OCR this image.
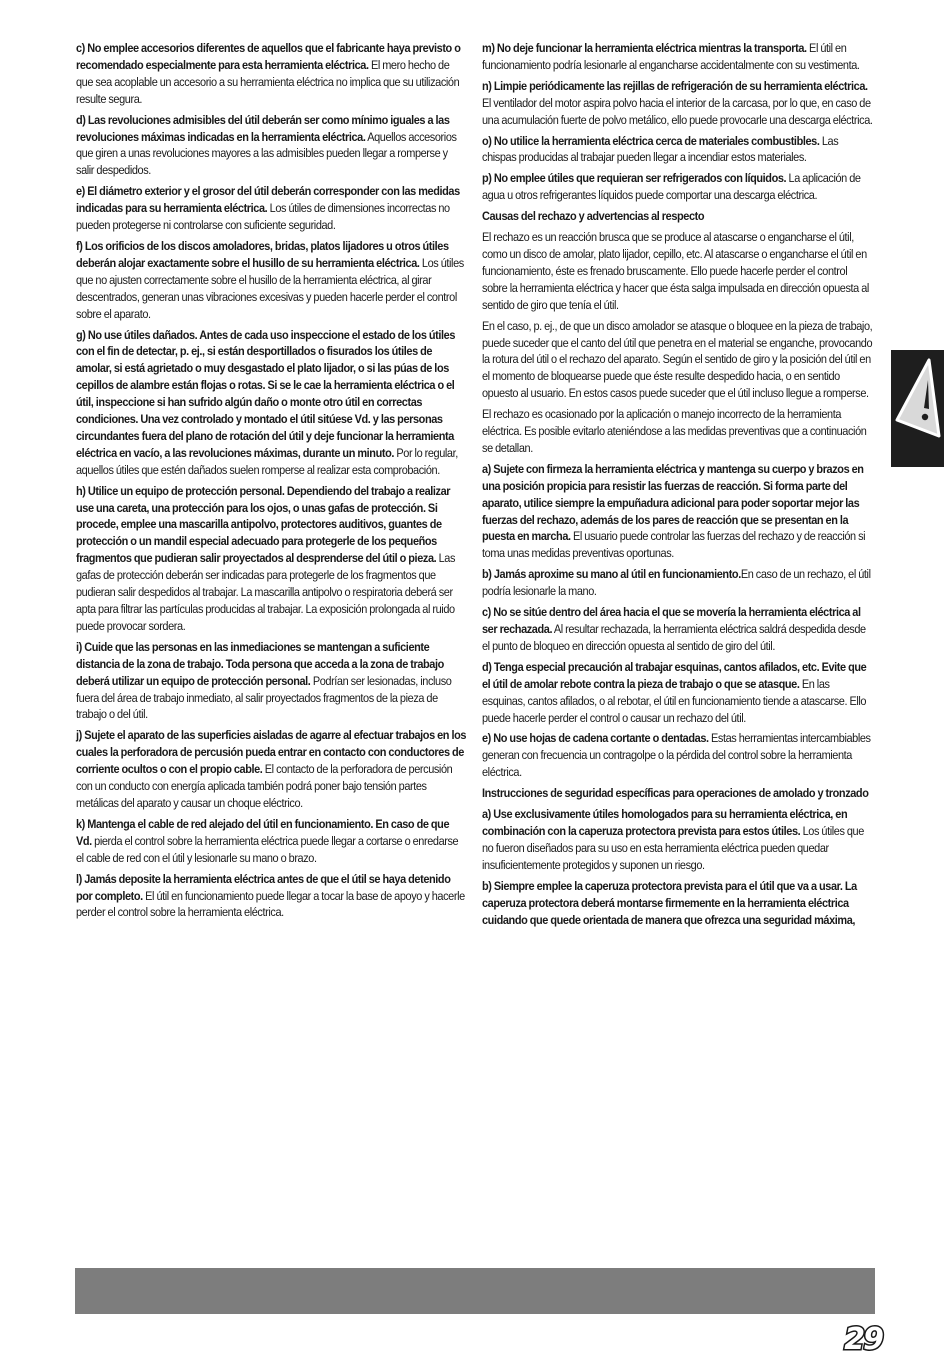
c) No emplee accesorios diferentes de aquellos que el fabricante haya previsto o recomendado especialmente para esta herramienta eléctrica. El mero hecho de que sea acoplable un accesorio a su herramienta eléctrica no implica que su utilización resulte segura.

d) Las revoluciones admisibles del útil deberán ser como mínimo iguales a las revoluciones máximas indicadas en la herramienta eléctrica. Aquellos accesorios que giren a unas revoluciones mayores a las admisibles pueden llegar a romperse y salir despedidos.

e) El diámetro exterior y el grosor del útil deberán corresponder con las medidas indicadas para su herramienta eléctrica. Los útiles de dimensiones incorrectas no pueden protegerse ni controlarse con suficiente seguridad.

f) Los orificios de los discos amoladores, bridas, platos lijadores u otros útiles deberán alojar exactamente sobre el husillo de su herramienta eléctrica. Los útiles que no ajusten correctamente sobre el husillo de la herramienta eléctrica, al girar descentrados, generan unas vibraciones excesivas y pueden hacerle perder el control sobre el aparato.

g) No use útiles dañados. Antes de cada uso inspeccione el estado de los útiles con el fin de detectar, p. ej., si están desportillados o fisurados los útiles de amolar, si está agrietado o muy desgastado el plato lijador, o si las púas de los cepillos de alambre están flojas o rotas. Si se le cae la herramienta eléctrica o el útil, inspeccione si han sufrido algún daño o monte otro útil en correctas condiciones. Una vez controlado y montado el útil sitúese Vd. y las personas circundantes fuera del plano de rotación del útil y deje funcionar la herramienta eléctrica en vacío, a las revoluciones máximas, durante un minuto. Por lo regular, aquellos útiles que estén dañados suelen romperse al realizar esta comprobación.

h) Utilice un equipo de protección personal. Dependiendo del trabajo a realizar use una careta, una protección para los ojos, o unas gafas de protección. Si procede, emplee una mascarilla antipolvo, protectores auditivos, guantes de protección o un mandil especial adecuado para protegerle de los pequeños fragmentos que pudieran salir proyectados al desprenderse del útil o pieza. Las gafas de protección deberán ser indicadas para protegerle de los fragmentos que pudieran salir despedidos al trabajar. La mascarilla antipolvo o respiratoria deberá ser apta para filtrar las partículas producidas al trabajar. La exposición prolongada al ruido puede provocar sordera.

i) Cuide que las personas en las inmediaciones se mantengan a suficiente distancia de la zona de trabajo. Toda persona que acceda a la zona de trabajo deberá utilizar un equipo de protección personal. Podrían ser lesionadas, incluso fuera del área de trabajo inmediato, al salir proyectados fragmentos de la pieza de trabajo o del útil.

j) Sujete el aparato de las superficies aisladas de agarre al efectuar trabajos en los cuales la perforadora de percusión pueda entrar en contacto con conductores de corriente ocultos o con el propio cable. El contacto de la perforadora de percusión con un conducto con energía aplicada también podrá poner bajo tensión partes metálicas del aparato y causar un choque eléctrico.

k) Mantenga el cable de red alejado del útil en funcionamiento. En caso de que Vd. pierda el control sobre la herramienta eléctrica puede llegar a cortarse o enredarse el cable de red con el útil y lesionarle su mano o brazo.

l) Jamás deposite la herramienta eléctrica antes de que el útil se haya detenido por completo. El útil en funcionamiento puede llegar a tocar la base de apoyo y hacerle perder el control sobre la herramienta eléctrica.

m) No deje funcionar la herramienta eléctrica mientras la transporta. El útil en funcionamiento podría lesionarle al engancharse accidentalmente con su vestimenta.

n) Limpie periódicamente las rejillas de refrigeración de su herramienta eléctrica. El ventilador del motor aspira polvo hacia el interior de la carcasa, por lo que, en caso de una acumulación fuerte de polvo metálico, ello puede provocarle una descarga eléctrica.

o) No utilice la herramienta eléctrica cerca de materiales combustibles. Las chispas producidas al trabajar pueden llegar a incendiar estos materiales.

p) No emplee útiles que requieran ser refrigerados con líquidos. La aplicación de agua u otros refrigerantes líquidos puede comportar una descarga eléctrica.

Causas del rechazo y advertencias al respecto

El rechazo es un reacción brusca que se produce al atascarse o engancharse el útil, como un disco de amolar, plato lijador, cepillo, etc. Al atascarse o engancharse el útil en funcionamiento, éste es frenado bruscamente. Ello puede hacerle perder el control sobre la herramienta eléctrica y hacer que ésta salga impulsada en dirección opuesta al sentido de giro que tenía el útil.

En el caso, p. ej., de que un disco amolador se atasque o bloquee en la pieza de trabajo, puede suceder que el canto del útil que penetra en el material se enganche, provocando la rotura del útil o el rechazo del aparato. Según el sentido de giro y la posición del útil en el momento de bloquearse puede que éste resulte despedido hacia, o en sentido opuesto al usuario. En estos casos puede suceder que el útil incluso llegue a romperse.

El rechazo es ocasionado por la aplicación o manejo incorrecto de la herramienta eléctrica. Es posible evitarlo ateniéndose a las medidas preventivas que a continuación se detallan.

a) Sujete con firmeza la herramienta eléctrica y mantenga su cuerpo y brazos en una posición propicia para resistir las fuerzas de reacción. Si forma parte del aparato, utilice siempre la empuñadura adicional para poder soportar mejor las fuerzas del rechazo, además de los pares de reacción que se presentan en la puesta en marcha. El usuario puede controlar las fuerzas del rechazo y de reacción si toma unas medidas preventivas oportunas.

b) Jamás aproxime su mano al útil en funcionamiento.En caso de un rechazo, el útil podría lesionarle la mano.

c) No se sitúe dentro del área hacia el que se movería la herramienta eléctrica al ser rechazada. Al resultar rechazada, la herramienta eléctrica saldrá despedida desde el punto de bloqueo en dirección opuesta al sentido de giro del útil.

d) Tenga especial precaución al trabajar esquinas, cantos afilados, etc. Evite que el útil de amolar rebote contra la pieza de trabajo o que se atasque. En las esquinas, cantos afilados, o al rebotar, el útil en funcionamiento tiende a atascarse. Ello puede hacerle perder el control o causar un rechazo del útil.

e) No use hojas de cadena cortante o dentadas. Estas herramientas intercambiables generan con frecuencia un contragolpe o la pérdida del control sobre la herramienta eléctrica.

Instrucciones de seguridad específicas para operaciones de amolado y tronzado

a) Use exclusivamente útiles homologados para su herramienta eléctrica, en combinación con la caperuza protectora prevista para estos útiles. Los útiles que no fueron diseñados para su uso en esta herramienta eléctrica pueden quedar insuficientemente protegidos y suponen un riesgo.

b) Siempre emplee la caperuza protectora prevista para el útil que va a usar. La caperuza protectora deberá montarse firmemente en la herramienta eléctrica cuidando que quede orientada de manera que ofrezca una seguridad máxima,

29
